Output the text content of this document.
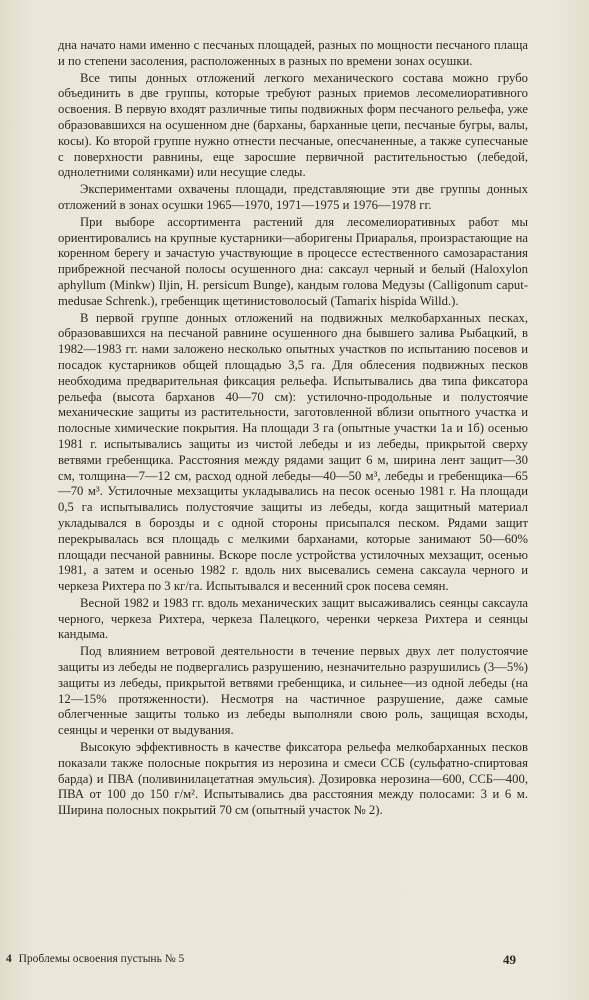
дна начато нами именно с песчаных площадей, разных по мощности песчаного плаща и по степени засоления, расположенных в разных по времени зонах осушки.

Все типы донных отложений легкого механического состава можно грубо объединить в две группы, которые требуют разных приемов лесомелиоративного освоения. В первую входят различные типы подвижных форм песчаного рельефа, уже образовавшихся на осушенном дне (барханы, барханные цепи, песчаные бугры, валы, косы). Ко второй группе нужно отнести песчаные, опесчаненные, а также супесчаные с поверхности равнины, еще заросшие первичной растительностью (лебедой, однолетними солянками) или несущие следы.

Экспериментами охвачены площади, представляющие эти две группы донных отложений в зонах осушки 1965—1970, 1971—1975 и 1976—1978 гг.

При выборе ассортимента растений для лесомелиоративных работ мы ориентировались на крупные кустарники—аборигены Приаралья, произрастающие на коренном берегу и зачастую участвующие в процессе естественного самозарастания прибрежной песчаной полосы осушенного дна: саксаул черный и белый (Haloxylon aphyllum (Minkw) Iljin, H. persicum Bunge), кандым голова Медузы (Calligonum caput-medusae Schrenk.), гребенщик щетинистоволосый (Tamarix hispida Willd.).

В первой группе донных отложений на подвижных мелкобарханных песках, образовавшихся на песчаной равнине осушенного дна бывшего залива Рыбацкий, в 1982—1983 гг. нами заложено несколько опытных участков по испытанию посевов и посадок кустарников общей площадью 3,5 га. Для облесения подвижных песков необходима предварительная фиксация рельефа. Испытывались два типа фиксатора рельефа (высота барханов 40—70 см): устилочно-продольные и полустоячие механические защиты из растительности, заготовленной вблизи опытного участка и полосные химические покрытия. На площади 3 га (опытные участки 1а и 1б) осенью 1981 г. испытывались защиты из чистой лебеды и из лебеды, прикрытой сверху ветвями гребенщика. Расстояния между рядами защит 6 м, ширина лент защит—30 см, толщина—7—12 см, расход одной лебеды—40—50 м³, лебеды и гребенщика—65—70 м³. Устилочные мехзащиты укладывались на песок осенью 1981 г. На площади 0,5 га испытывались полустоячие защиты из лебеды, когда защитный материал укладывался в борозды и с одной стороны присыпался песком. Рядами защит перекрывалась вся площадь с мелкими барханами, которые занимают 50—60% площади песчаной равнины. Вскоре после устройства устилочных мехзащит, осенью 1981, а затем и осенью 1982 г. вдоль них высевались семена саксаула черного и черкеза Рихтера по 3 кг/га. Испытывался и весенний срок посева семян.

Весной 1982 и 1983 гг. вдоль механических защит высаживались сеянцы саксаула черного, черкеза Рихтера, черкеза Палецкого, черенки черкеза Рихтера и сеянцы кандыма.

Под влиянием ветровой деятельности в течение первых двух лет полустоячие защиты из лебеды не подвергались разрушению, незначительно разрушились (3—5%) защиты из лебеды, прикрытой ветвями гребенщика, и сильнее—из одной лебеды (на 12—15% протяженности). Несмотря на частичное разрушение, даже самые облегченные защиты только из лебеды выполняли свою роль, защищая всходы, сеянцы и черенки от выдувания.

Высокую эффективность в качестве фиксатора рельефа мелкобарханных песков показали также полосные покрытия из нерозина и смеси ССБ (сульфатно-спиртовая барда) и ПВА (поливинилацетатная эмульсия). Дозировка нерозина—600, ССБ—400, ПВА от 100 до 150 г/м². Испытывались два расстояния между полосами: 3 и 6 м. Ширина полосных покрытий 70 см (опытный участок № 2).

4 Проблемы освоения пустынь № 5	49
